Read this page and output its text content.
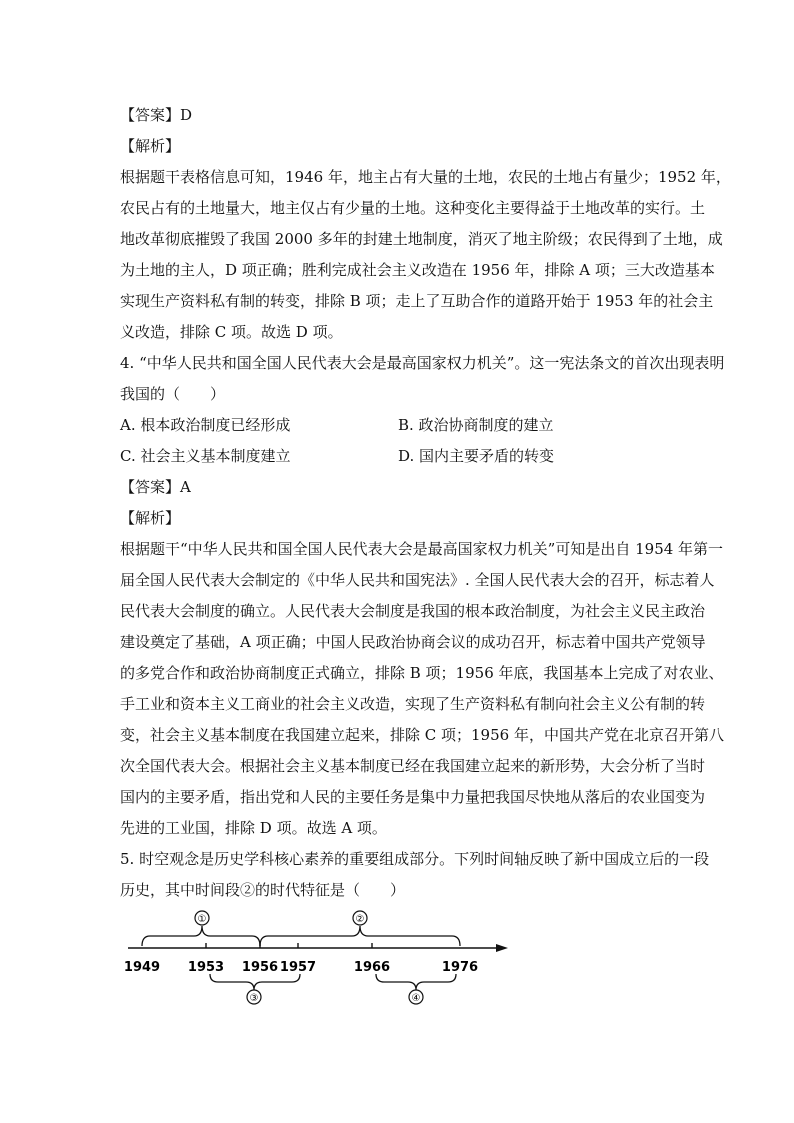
【答案】D
【解析】
根据题干表格信息可知，1946 年，地主占有大量的土地，农民的土地占有量少；1952 年，
农民占有的土地量大，地主仅占有少量的土地。这种变化主要得益于土地改革的实行。土
地改革彻底摧毁了我国 2000 多年的封建土地制度，消灭了地主阶级；农民得到了土地，成
为土地的主人，D 项正确；胜利完成社会主义改造在 1956 年，排除 A 项；三大改造基本
实现生产资料私有制的转变，排除 B 项；走上了互助合作的道路开始于 1953 年的社会主
义改造，排除 C 项。故选 D 项。
4. “中华人民共和国全国人民代表大会是最高国家权力机关”。这一宪法条文的首次出现表明
我国的（　　）
A. 根本政治制度已经形成	B. 政治协商制度的建立
C. 社会主义基本制度建立	D. 国内主要矛盾的转变
【答案】A
【解析】
根据题干“中华人民共和国全国人民代表大会是最高国家权力机关”可知是出自 1954 年第一
届全国人民代表大会制定的《中华人民共和国宪法》. 全国人民代表大会的召开，标志着人
民代表大会制度的确立。人民代表大会制度是我国的根本政治制度，为社会主义民主政治
建设奠定了基础，A 项正确；中国人民政治协商会议的成功召开，标志着中国共产党领导
的多党合作和政治协商制度正式确立，排除 B 项；1956 年底，我国基本上完成了对农业、
手工业和资本主义工商业的社会主义改造，实现了生产资料私有制向社会主义公有制的转
变，社会主义基本制度在我国建立起来，排除 C 项；1956 年，中国共产党在北京召开第八
次全国代表大会。根据社会主义基本制度已经在我国建立起来的新形势，大会分析了当时
国内的主要矛盾，指出党和人民的主要任务是集中力量把我国尽快地从落后的农业国变为
先进的工业国，排除 D 项。故选 A 项。
5. 时空观念是历史学科核心素养的重要组成部分。下列时间轴反映了新中国成立后的一段
历史，其中时间段②的时代特征是（　　）
①	②
1949 1953 1956 1957	1966	1976
③	④
